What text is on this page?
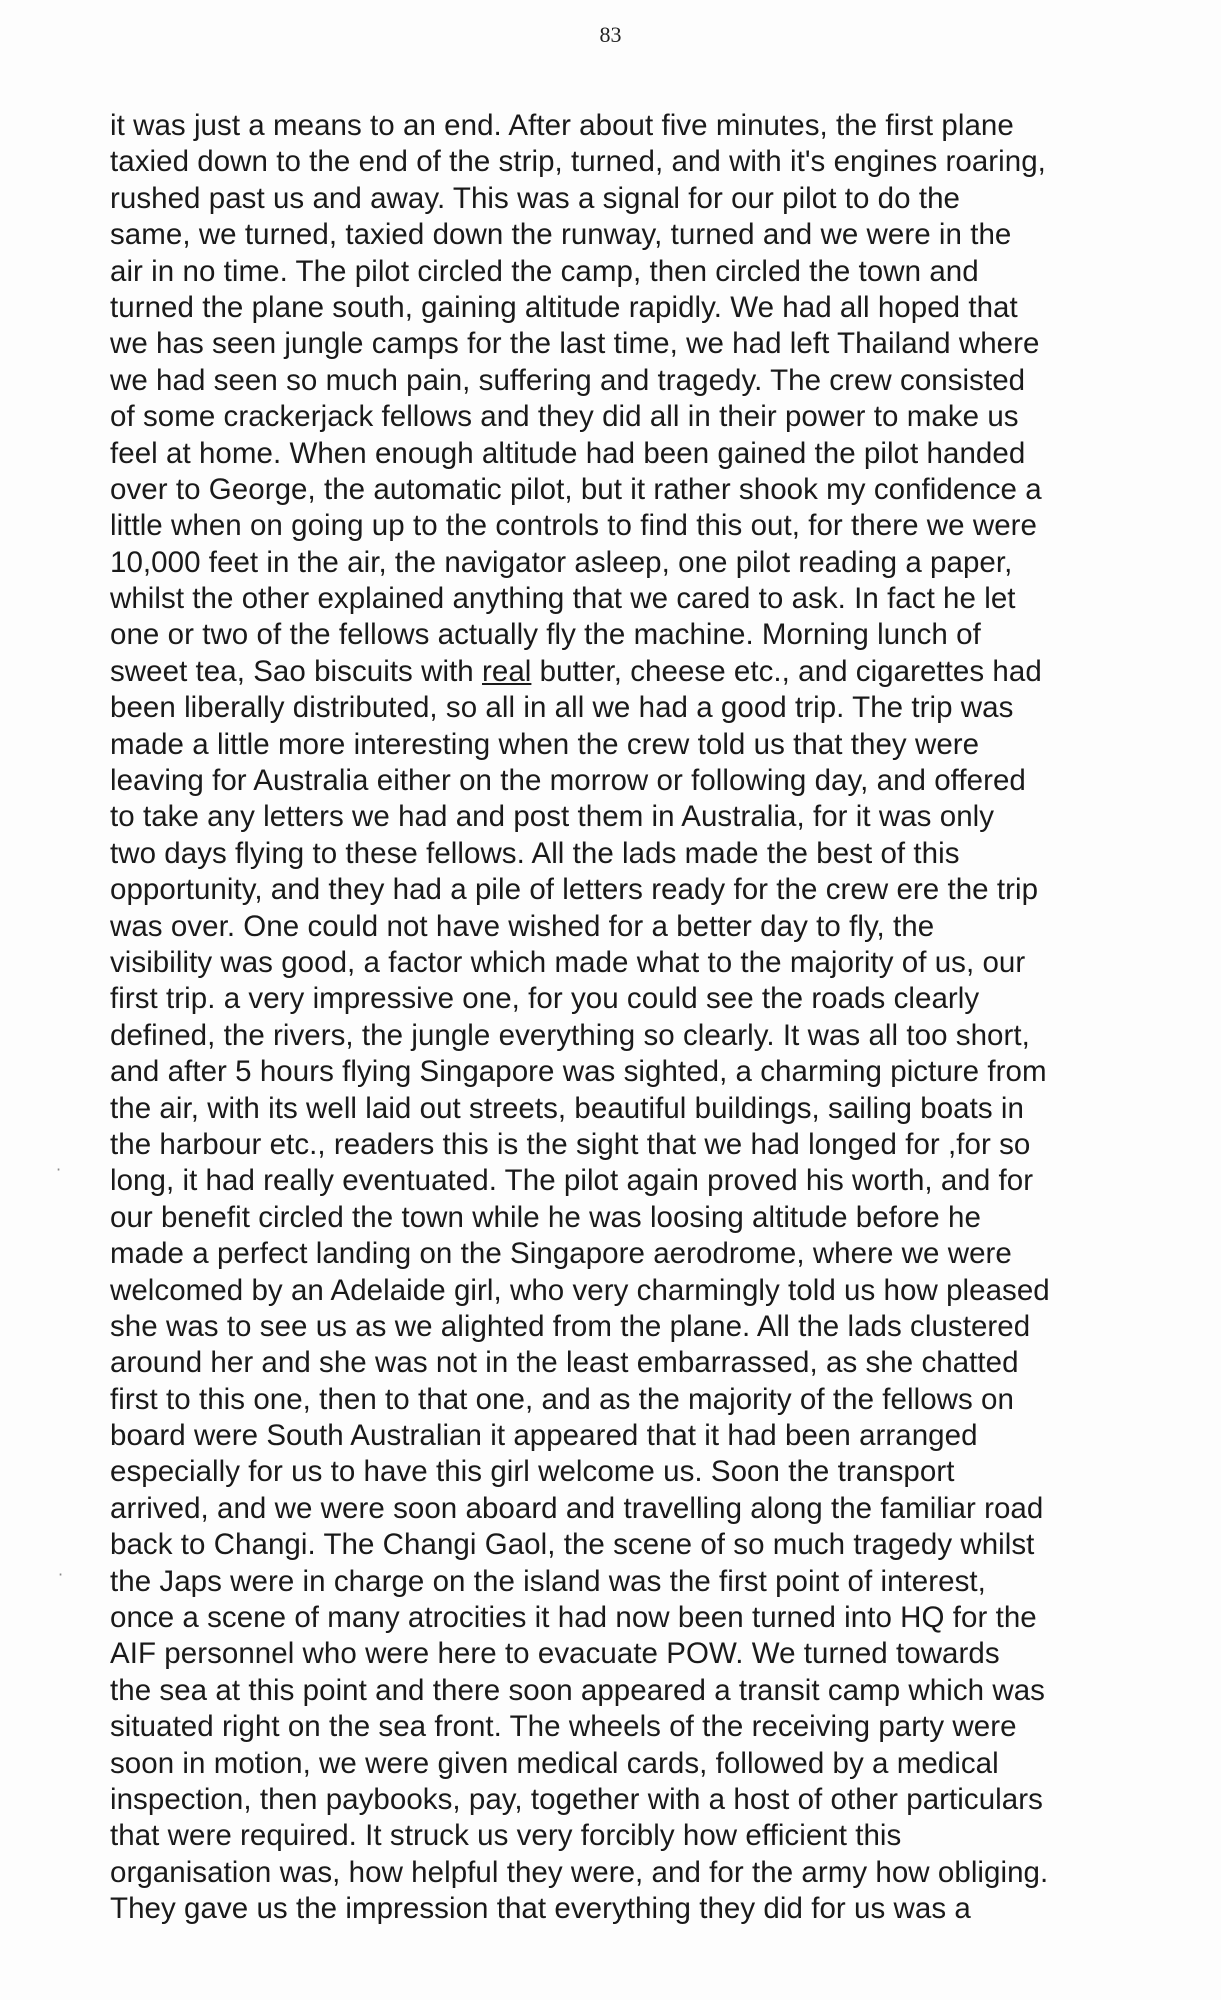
83
it was just a means to an end. After about five minutes, the first plane
taxied down to the end of the strip, turned, and with it's engines roaring,
rushed past us and away. This was a signal for our pilot to do the
same, we turned, taxied down the runway, turned and we were in the
air in no time. The pilot circled the camp, then circled the town and
turned the plane south, gaining altitude rapidly. We had all hoped that
we has seen jungle camps for the last time, we had left Thailand where
we had seen so much pain, suffering and tragedy. The crew consisted
of some crackerjack fellows and they did all in their power to make us
feel at home. When enough altitude had been gained the pilot handed
over to George, the automatic pilot, but it rather shook my confidence a
little when on going up to the controls to find this out, for there we were
10,000 feet in the air, the navigator asleep, one pilot reading a paper,
whilst the other explained anything that we cared to ask. In fact he let
one or two of the fellows actually fly the machine. Morning lunch of
sweet tea, Sao biscuits with real butter, cheese etc., and cigarettes had
been liberally distributed, so all in all we had a good trip. The trip was
made a little more interesting when the crew told us that they were
leaving for Australia either on the morrow or following day, and offered
to take any letters we had and post them in Australia, for it was only
two days flying to these fellows. All the lads made the best of this
opportunity, and they had a pile of letters ready for the crew ere the trip
was over. One could not have wished for a better day to fly, the
visibility was good, a factor which made what to the majority of us, our
first trip. a very impressive one, for you could see the roads clearly
defined, the rivers, the jungle everything so clearly. It was all too short,
and after 5 hours flying Singapore was sighted, a charming picture from
the air, with its well laid out streets, beautiful buildings, sailing boats in
the harbour etc., readers this is the sight that we had longed for ,for so
long, it had really eventuated. The pilot again proved his worth, and for
our benefit circled the town while he was loosing altitude before he
made a perfect landing on the Singapore aerodrome, where we were
welcomed by an Adelaide girl, who very charmingly told us how pleased
she was to see us as we alighted from the plane. All the lads clustered
around her and she was not in the least embarrassed, as she chatted
first to this one, then to that one, and as the majority of the fellows on
board were South Australian it appeared that it had been arranged
especially for us to have this girl welcome us. Soon the transport
arrived, and we were soon aboard and travelling along the familiar road
back to Changi. The Changi Gaol, the scene of so much tragedy whilst
the Japs were in charge on the island was the first point of interest,
once a scene of many atrocities it had now been turned into HQ for the
AIF personnel who were here to evacuate POW. We turned towards
the sea at this point and there soon appeared a transit camp which was
situated right on the sea front. The wheels of the receiving party were
soon in motion, we were given medical cards, followed by a medical
inspection, then paybooks, pay, together with a host of other particulars
that were required. It struck us very forcibly how efficient this
organisation was, how helpful they were, and for the army how obliging.
They gave us the impression that everything they did for us was a
·
·
